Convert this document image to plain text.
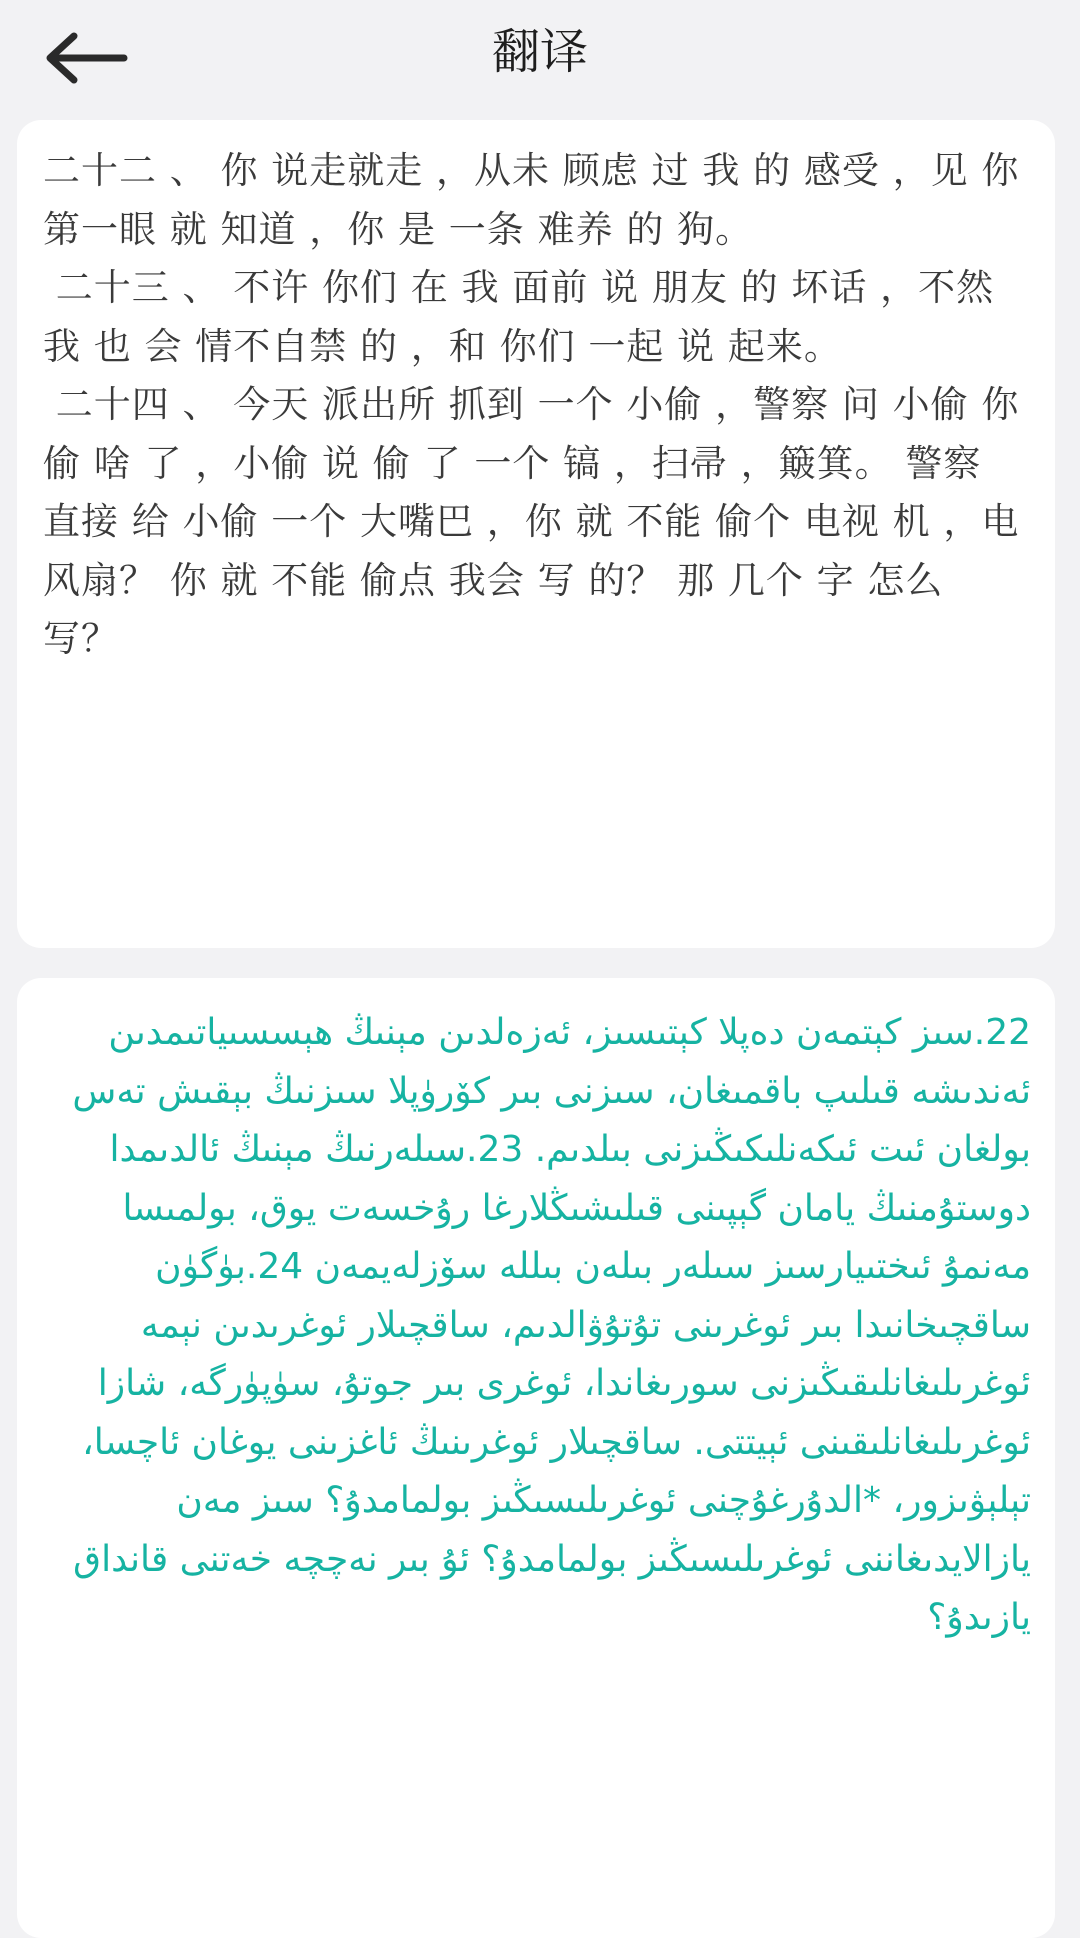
翻译

二十二 、 你 说走就走 ，从未 顾虑 过 我 的 感受 ，见 你 第一眼 就 知道 ，你 是 一条 难养 的 狗。
二十三 、 不许 你们 在 我 面前 说 朋友 的 坏话 ，不然 我 也 会 情不自禁 的 ，和 你们 一起 说 起来。
二十四 、 今天 派出所 抓到 一个 小偷 ，警察 问 小偷 你 偷 啥 了 ，小偷 说 偷 了 一个 镐 ，扫帚 ，簸箕。 警察 直接 给 小偷 一个 大嘴巴 ，你 就 不能 偷个 电视 机 ，电风扇？ 你 就 不能 偷点 我会 写 的？ 那 几个 字 怎么 写？

22.سىز كېتمەن دەپلا كېتىسىز، ئەزەلدىن مېنىڭ ھېسسىياتىمدىن ئەندىشە قىلىپ باقمىغان، سىزنى بىر كۆرۈپلا سىزنىڭ بېقىش تەس بولغان ئىت ئىكەنلىكىڭىزنى بىلدىم. 23.سىلەرنىڭ مېنىڭ ئالدىمدا دوستۇمنىڭ يامان گېپىنى قىلىشىڭلارغا رۇخسەت يوق، بولمىسا مەنمۇ ئىختىيارسىز سىلەر بىلەن بىللە سۆزلەيمەن 24.بۈگۈن ساقچىخانىدا بىر ئوغرىنى تۇتۇۋالدىم، ساقچىلار ئوغرىدىن نېمە ئوغرىلىغانلىقىڭىزنى سورىغاندا، ئوغرى بىر جوتۇ، سۈپۈرگە، شازا ئوغرىلىغانلىقىنى ئېيتتى. ساقچىلار ئوغرىنىڭ ئاغزىنى يوغان ئاچسا، تېلېۋىزور، *الدۇرغۇچنى ئوغرىلىسىڭىز بولمامدۇ؟ سىز مەن يازالايدىغاننى ئوغرىلىسىڭىز بولمامدۇ؟ ئۇ بىر نەچچە خەتنى قانداق يازىدۇ؟
